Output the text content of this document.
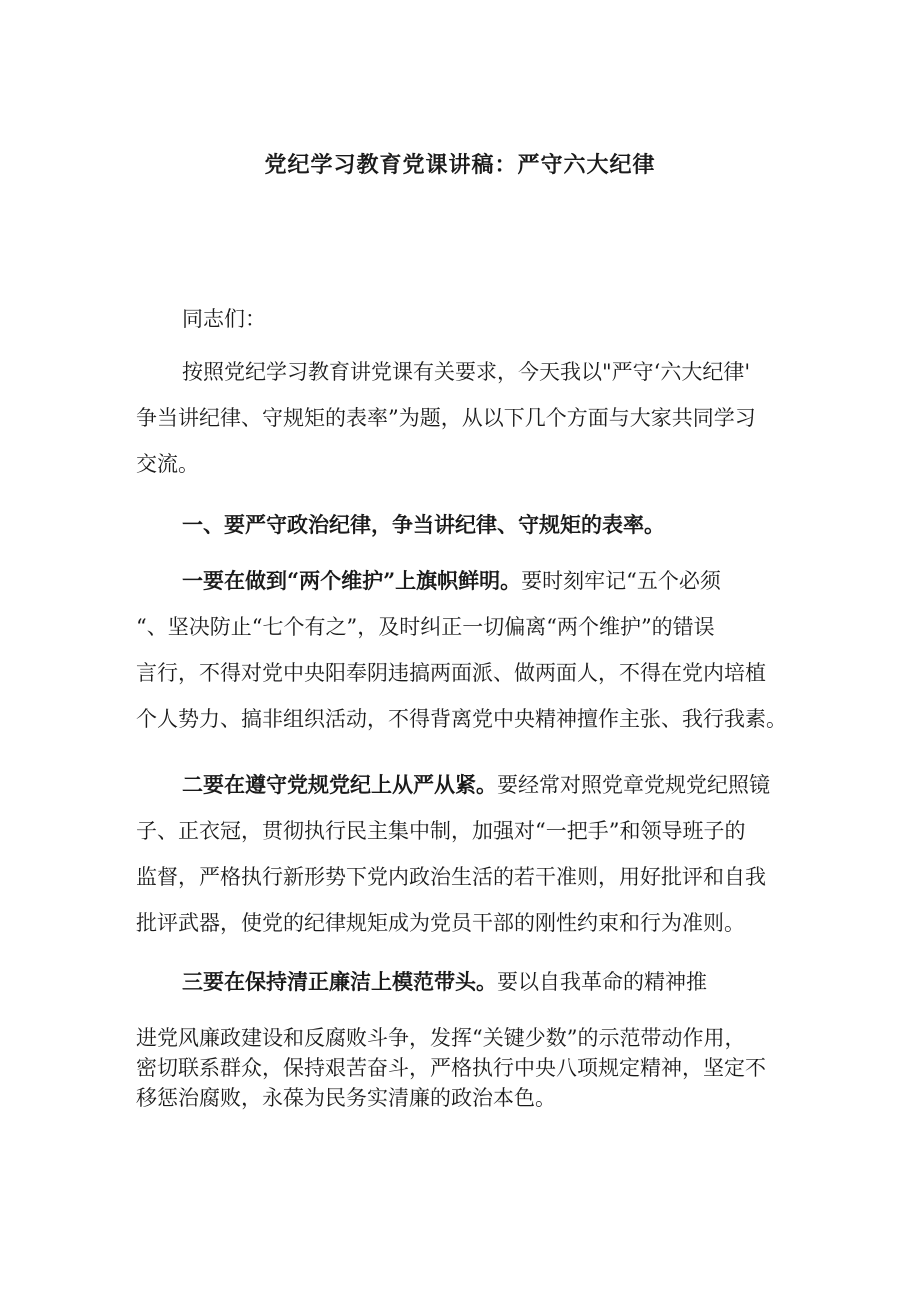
党纪学习教育党课讲稿：严守六大纪律

同志们：

按照党纪学习教育讲党课有关要求，今天我以"严守‘六大纪律'
争当讲纪律、守规矩的表率”为题，从以下几个方面与大家共同学习
交流。

一、要严守政治纪律，争当讲纪律、守规矩的表率。

一要在做到“两个维护”上旗帜鲜明。要时刻牢记“五个必须
“、坚决防止“七个有之”，及时纠正一切偏离“两个维护”的错误
言行，不得对党中央阳奉阴违搞两面派、做两面人，不得在党内培植
个人势力、搞非组织活动，不得背离党中央精神擅作主张、我行我素。

二要在遵守党规党纪上从严从紧。要经常对照党章党规党纪照镜
子、正衣冠，贯彻执行民主集中制，加强对“一把手”和领导班子的
监督，严格执行新形势下党内政治生活的若干准则，用好批评和自我
批评武器，使党的纪律规矩成为党员干部的刚性约束和行为准则。

三要在保持清正廉洁上模范带头。要以自我革命的精神推
进党风廉政建设和反腐败斗争，发挥“关键少数”的示范带动作用，
密切联系群众，保持艰苦奋斗，严格执行中央八项规定精神，坚定不
移惩治腐败，永葆为民务实清廉的政治本色。
